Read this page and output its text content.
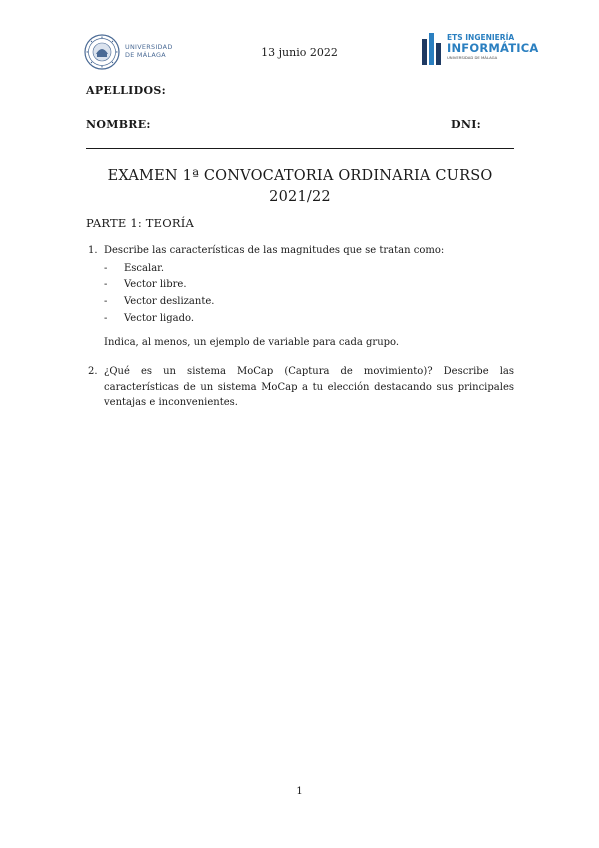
UNIVERSIDAD
DE MÁLAGA	13 junio 2022
ETS INGENIERÍA
INFORMÁTICA
UNIVERSIDAD DE MÁLAGA
APELLIDOS:
NOMBRE:	DNI:
EXAMEN 1ª CONVOCATORIA ORDINARIA CURSO
2021/22
PARTE 1: TEORÍA
1. Describe las características de las magnitudes que se tratan como:
- Escalar.
- Vector libre.
- Vector deslizante.
- Vector ligado.
Indica, al menos, un ejemplo de variable para cada grupo.
2. ¿Qué es un sistema MoCap (Captura de movimiento)? Describe las características de un sistema MoCap a tu elección destacando sus principales ventajas e inconvenientes.
1
